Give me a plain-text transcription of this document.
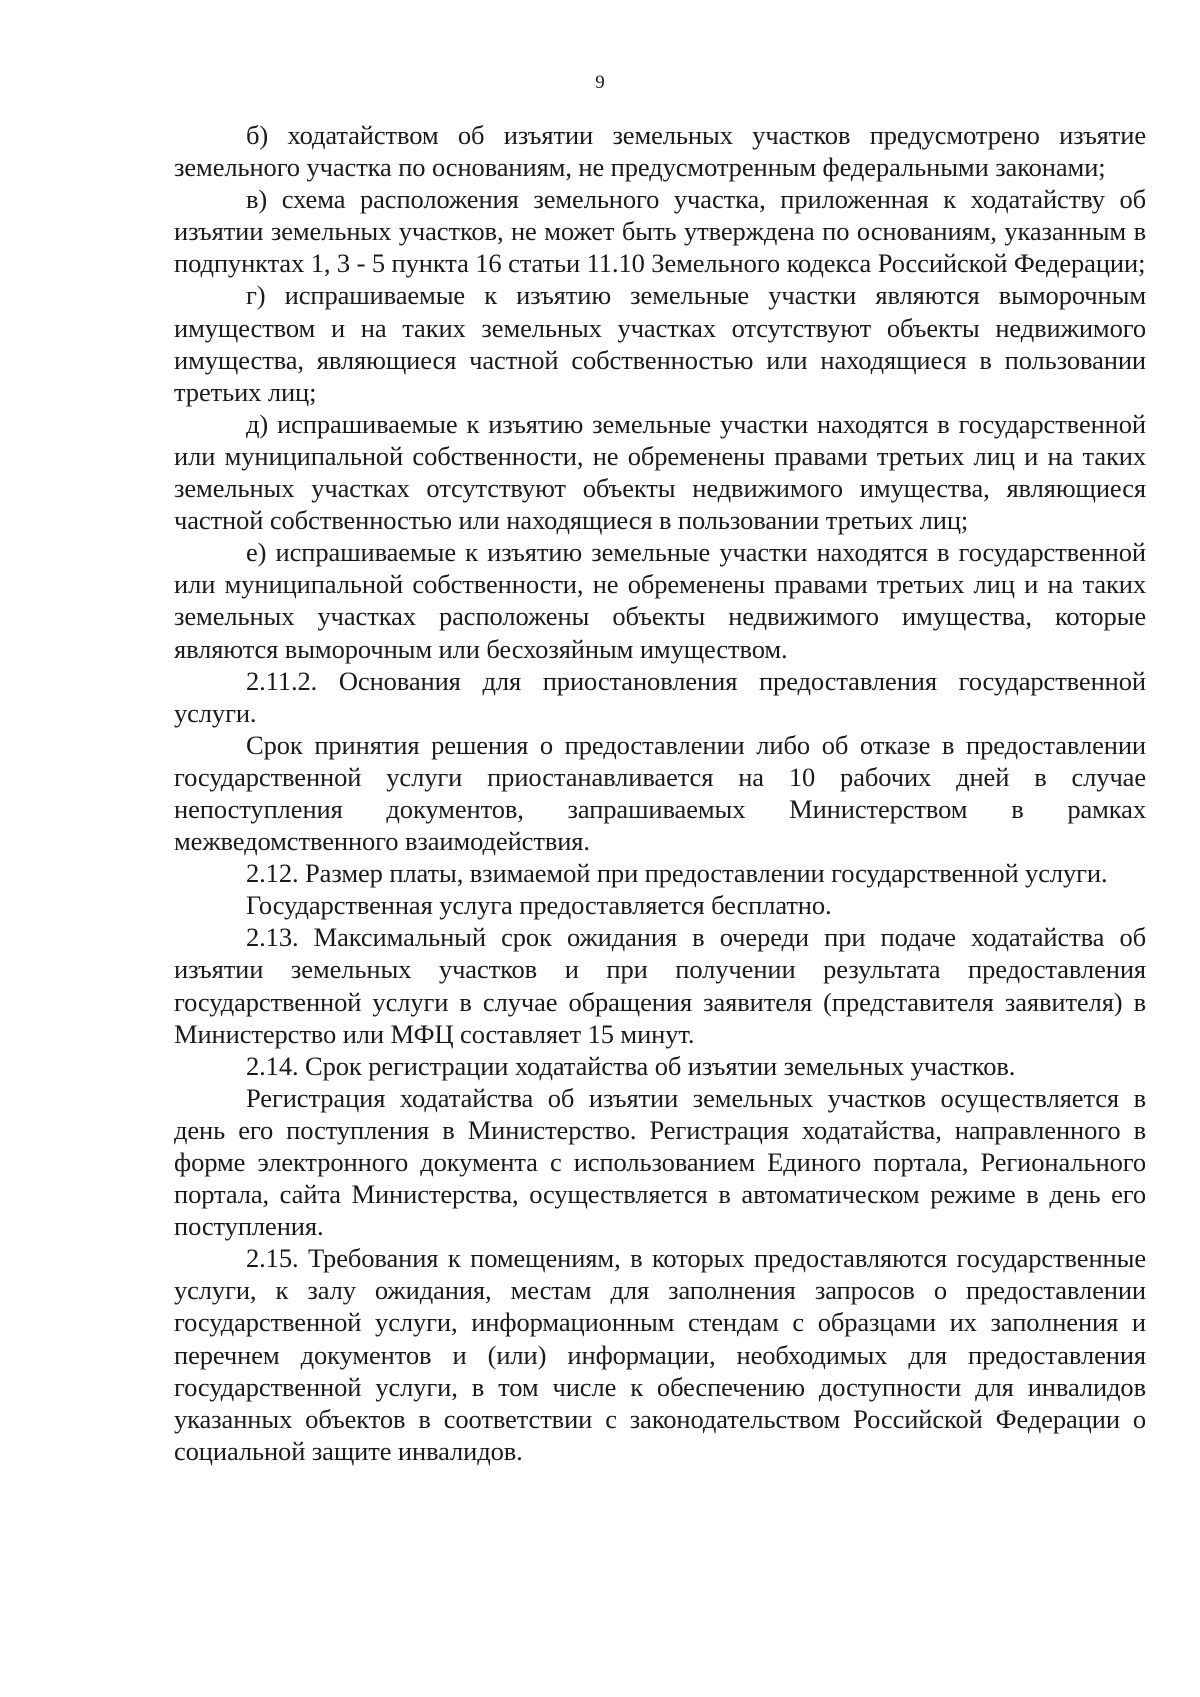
9

б) ходатайством об изъятии земельных участков предусмотрено изъятие земельного участка по основаниям, не предусмотренным федеральными законами;

в) схема расположения земельного участка, приложенная к ходатайству об изъятии земельных участков, не может быть утверждена по основаниям, указанным в подпунктах 1, 3 - 5 пункта 16 статьи 11.10 Земельного кодекса Российской Федерации;

г) испрашиваемые к изъятию земельные участки являются выморочным имуществом и на таких земельных участках отсутствуют объекты недвижимого имущества, являющиеся частной собственностью или находящиеся в пользовании третьих лиц;

д) испрашиваемые к изъятию земельные участки находятся в государственной или муниципальной собственности, не обременены правами третьих лиц и на таких земельных участках отсутствуют объекты недвижимого имущества, являющиеся частной собственностью или находящиеся в пользовании третьих лиц;

е) испрашиваемые к изъятию земельные участки находятся в государственной или муниципальной собственности, не обременены правами третьих лиц и на таких земельных участках расположены объекты недвижимого имущества, которые являются выморочным или бесхозяйным имуществом.

2.11.2. Основания для приостановления предоставления государственной услуги.

Срок принятия решения о предоставлении либо об отказе в предоставлении государственной услуги приостанавливается на 10 рабочих дней в случае непоступления документов, запрашиваемых Министерством в рамках межведомственного взаимодействия.

2.12. Размер платы, взимаемой при предоставлении государственной услуги.

Государственная услуга предоставляется бесплатно.

2.13. Максимальный срок ожидания в очереди при подаче ходатайства об изъятии земельных участков и при получении результата предоставления государственной услуги в случае обращения заявителя (представителя заявителя) в Министерство или МФЦ составляет 15 минут.

2.14. Срок регистрации ходатайства об изъятии земельных участков.

Регистрация ходатайства об изъятии земельных участков осуществляется в день его поступления в Министерство. Регистрация ходатайства, направленного в форме электронного документа с использованием Единого портала, Регионального портала, сайта Министерства, осуществляется в автоматическом режиме в день его поступления.

2.15. Требования к помещениям, в которых предоставляются государственные услуги, к залу ожидания, местам для заполнения запросов о предоставлении государственной услуги, информационным стендам с образцами их заполнения и перечнем документов и (или) информации, необходимых для предоставления государственной услуги, в том числе к обеспечению доступности для инвалидов указанных объектов в соответствии с законодательством Российской Федерации о социальной защите инвалидов.
